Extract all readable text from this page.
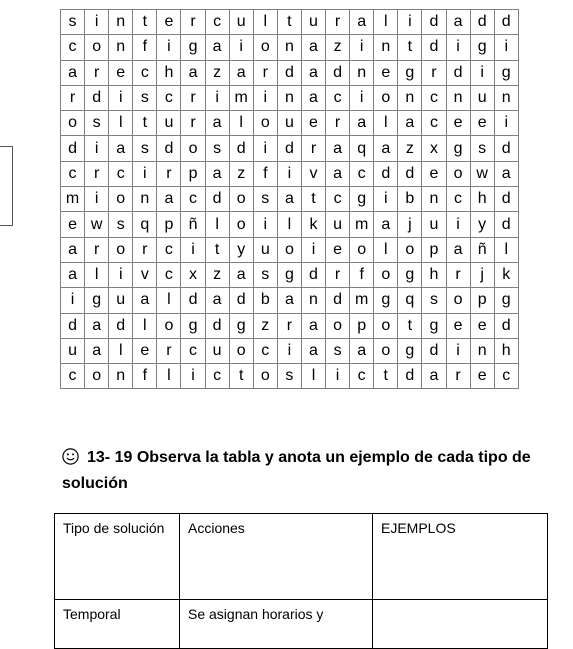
s	i	n	t	e	r	c	u	l	t	u	r	a	l	i	d	a	d	d
c	o	n	f	i	g	a	i	o	n	a	z	i	n	t	d	i	g	i
a	r	e	c	h	a	z	a	r	d	a	d	n	e	g	r	d	i	g
r	d	i	s	c	r	i	m	i	n	a	c	i	o	n	c	n	u	n
o	s	l	t	u	r	a	l	o	u	e	r	a	l	a	c	e	e	i
d	i	a	s	d	o	s	d	i	d	r	a	q	a	z	x	g	s	d
c	r	c	i	r	p	a	z	f	i	v	a	c	d	d	e	o	w	a
m	i	o	n	a	c	d	o	s	a	t	c	g	i	b	n	c	h	d
e	w	s	q	p	ñ	l	o	i	l	k	u	m	a	j	u	i	y	d
a	r	o	r	c	i	t	y	u	o	i	e	o	l	o	p	a	ñ	l
a	l	i	v	c	x	z	a	s	g	d	r	f	o	g	h	r	j	k
i	g	u	a	l	d	a	d	b	a	n	d	m	g	q	s	o	p	g
d	a	d	l	o	g	d	g	z	r	a	o	p	o	t	g	e	e	d
u	a	l	e	r	c	u	o	c	i	a	s	a	o	g	d	i	n	h
c	o	n	f	l	i	c	t	o	s	l	i	c	t	d	a	r	e	c
13- 19 Observa la tabla y anota un ejemplo de cada tipo de solución
Tipo de solución	Acciones	EJEMPLOS
Temporal	Se asignan horarios y	
